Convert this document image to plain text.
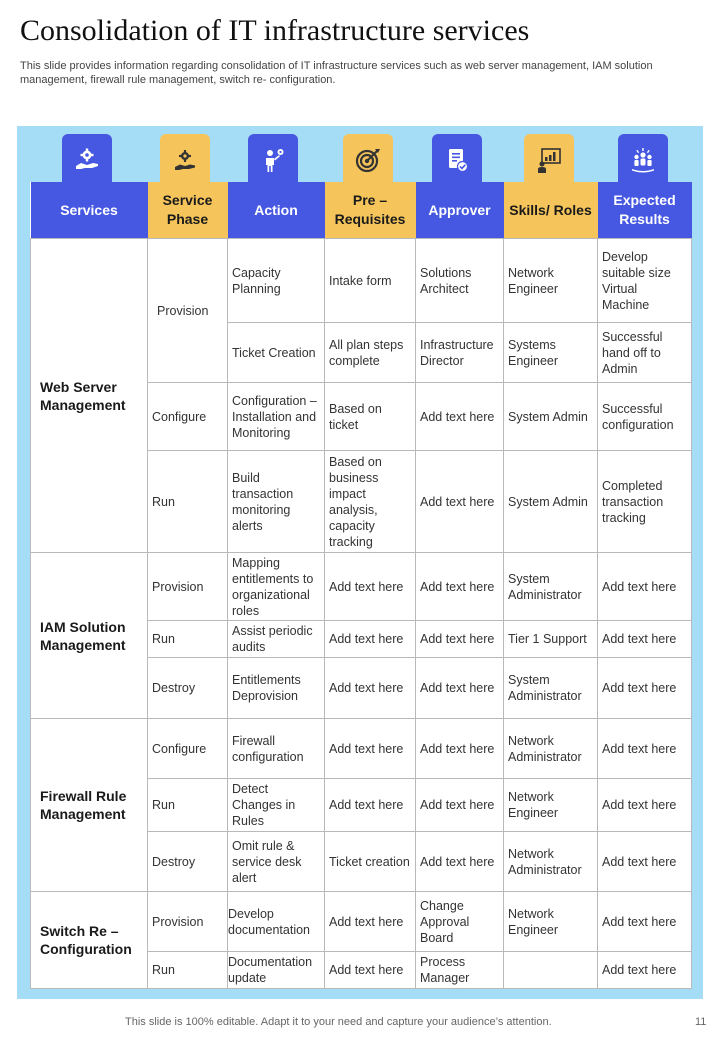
Consolidation of IT infrastructure services
This slide provides information regarding consolidation of IT infrastructure services such as web server management, IAM solution management, firewall rule management, switch re- configuration.
Services	Service Phase	Action	Pre – Requisites	Approver	Skills/ Roles	Expected Results
Web Server Management	Provision	Capacity Planning	Intake form	Solutions Architect	Network Engineer	Develop suitable size Virtual Machine
		Ticket Creation	All plan steps complete	Infrastructure Director	Systems Engineer	Successful hand off to Admin
	Configure	Configuration – Installation and Monitoring	Based on ticket	Add text here	System Admin	Successful configuration
	Run	Build transaction monitoring alerts	Based on business impact analysis, capacity tracking	Add text here	System Admin	Completed transaction tracking
IAM Solution Management	Provision	Mapping entitlements to organizational roles	Add text here	Add text here	System Administrator	Add text here
	Run	Assist periodic audits	Add text here	Add text here	Tier 1 Support	Add text here
	Destroy	Entitlements Deprovision	Add text here	Add text here	System Administrator	Add text here
Firewall Rule Management	Configure	Firewall configuration	Add text here	Add text here	Network Administrator	Add text here
	Run	Detect Changes in Rules	Add text here	Add text here	Network Engineer	Add text here
	Destroy	Omit rule & service desk alert	Ticket creation	Add text here	Network Administrator	Add text here
Switch Re – Configuration	Provision	Develop documentation	Add text here	Change Approval Board	Network Engineer	Add text here
	Run	Documentation update	Add text here	Process Manager		Add text here
This slide is 100% editable. Adapt it to your need and capture your audience’s attention.	11
